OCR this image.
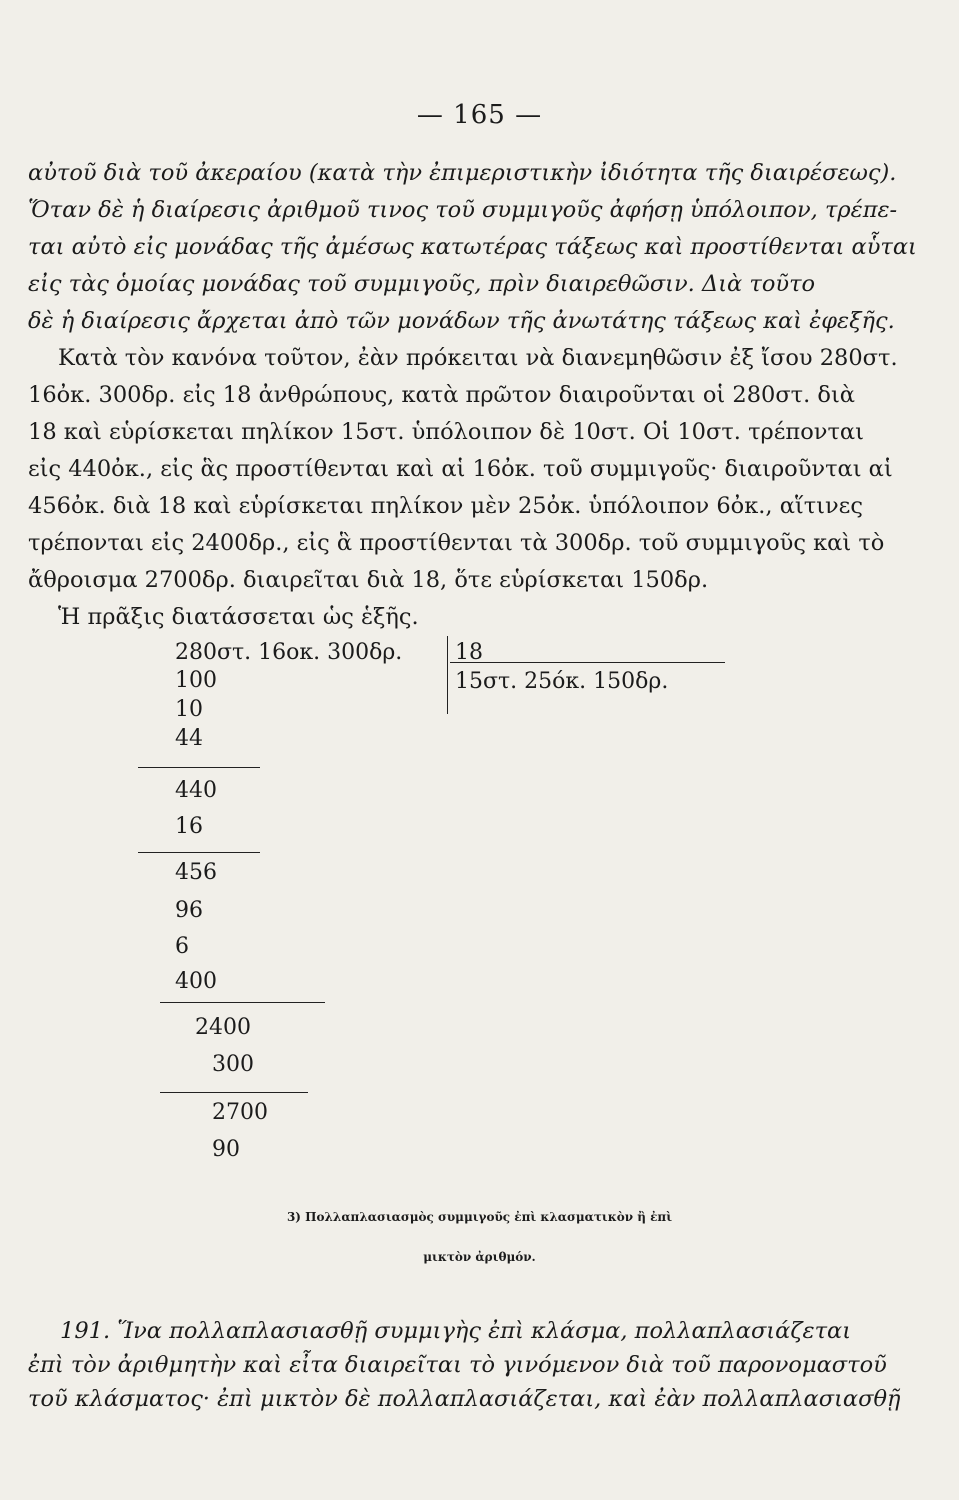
— 165 —
αὐτοῦ διὰ τοῦ ἀκεραίου (κατὰ τὴν ἐπιμεριστικὴν ἰδιότητα τῆς διαιρέσεως).
Ὅταν δὲ ἡ διαίρεσις ἀριθμοῦ τινος τοῦ συμμιγοῦς ἀφήσῃ ὑπόλοιπον, τρέπε-
ται αὐτὸ εἰς μονάδας τῆς ἀμέσως κατωτέρας τάξεως καὶ προστίθενται αὗται
εἰς τὰς ὁμοίας μονάδας τοῦ συμμιγοῦς, πρὶν διαιρεθῶσιν. Διὰ τοῦτο
δὲ ἡ διαίρεσις ἄρχεται ἀπὸ τῶν μονάδων τῆς ἀνωτάτης τάξεως καὶ ἐφεξῆς.
Κατὰ τὸν κανόνα τοῦτον, ἐὰν πρόκειται νὰ διανεμηθῶσιν ἐξ ἴσου 280στ.
16ὀκ. 300δρ. εἰς 18 ἀνθρώπους, κατὰ πρῶτον διαιροῦνται οἱ 280στ. διὰ
18 καὶ εὑρίσκεται πηλίκον 15στ. ὑπόλοιπον δὲ 10στ. Οἱ 10στ. τρέπονται
εἰς 440ὀκ., εἰς ἃς προστίθενται καὶ αἱ 16ὀκ. τοῦ συμμιγοῦς· διαιροῦνται αἱ
456ὀκ. διὰ 18 καὶ εὑρίσκεται πηλίκον μὲν 25ὀκ. ὑπόλοιπον 6ὀκ., αἵτινες
τρέπονται εἰς 2400δρ., εἰς ἃ προστίθενται τὰ 300δρ. τοῦ συμμιγοῦς καὶ τὸ
ἄθροισμα 2700δρ. διαιρεῖται διὰ 18, ὅτε εὑρίσκεται 150δρ.
Ἡ πρᾶξις διατάσσεται ὡς ἑξῆς.
280στ. 16οκ. 300δρ. 18
15στ. 25όκ. 150δρ.
100
10
44
440
16
456
96
6
400
2400
300
2700
90
3) Πολλαπλασιασμὸς συμμιγοῦς ἐπὶ κλασματικὸν ἢ ἐπὶ
μικτὸν ἀριθμόν.
191. Ἵνα πολλαπλασιασθῇ συμμιγὴς ἐπὶ κλάσμα, πολλαπλασιάζεται
ἐπὶ τὸν ἀριθμητὴν καὶ εἶτα διαιρεῖται τὸ γινόμενον διὰ τοῦ παρονομαστοῦ
τοῦ κλάσματος· ἐπὶ μικτὸν δὲ πολλαπλασιάζεται, καὶ ἐὰν πολλαπλασιασθῇ
